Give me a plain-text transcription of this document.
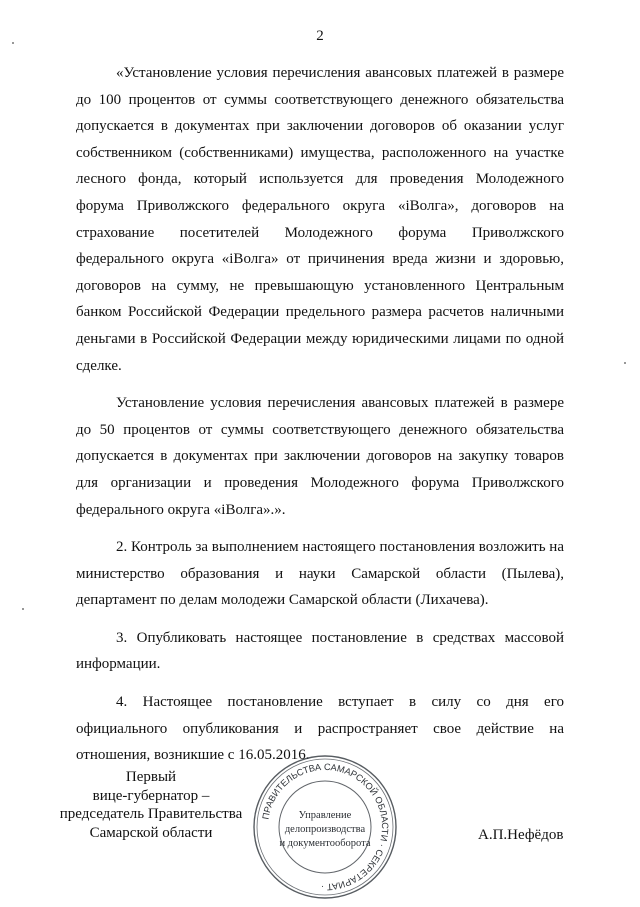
2

«Установление условия перечисления авансовых платежей в размере до 100 процентов от суммы соответствующего денежного обязательства допускается в документах при заключении договоров об оказании услуг собственником (собственниками) имущества, расположенного на участке лесного фонда, который используется для проведения Молодежного форума Приволжского федерального округа «iВолга», договоров на страхование посетителей Молодежного форума Приволжского федерального округа «iВолга» от причинения вреда жизни и здоровью, договоров на сумму, не превышающую установленного Центральным банком Российской Федерации предельного размера расчетов наличными деньгами в Российской Федерации между юридическими лицами по одной сделке.

Установление условия перечисления авансовых платежей в размере до 50 процентов от суммы соответствующего денежного обязательства допускается в документах при заключении договоров на закупку товаров для организации и проведения Молодежного форума Приволжского федерального округа «iВолга».».

2. Контроль за выполнением настоящего постановления возложить на министерство образования и науки Самарской области (Пылева), департамент по делам молодежи Самарской области (Лихачева).

3. Опубликовать настоящее постановление в средствах массовой информации.

4. Настоящее постановление вступает в силу со дня его официального опубликования и распространяет свое действие на отношения, возникшие с 16.05.2016.

Первый
вице-губернатор –
председатель Правительства
Самарской области
ПРАВИТЕЛЬСТВА САМАРСКОЙ ОБЛАСТИ · СЕКРЕТАРИАТ ·
Управление
делопроизводства
и документооборота
А.П.Нефёдов
